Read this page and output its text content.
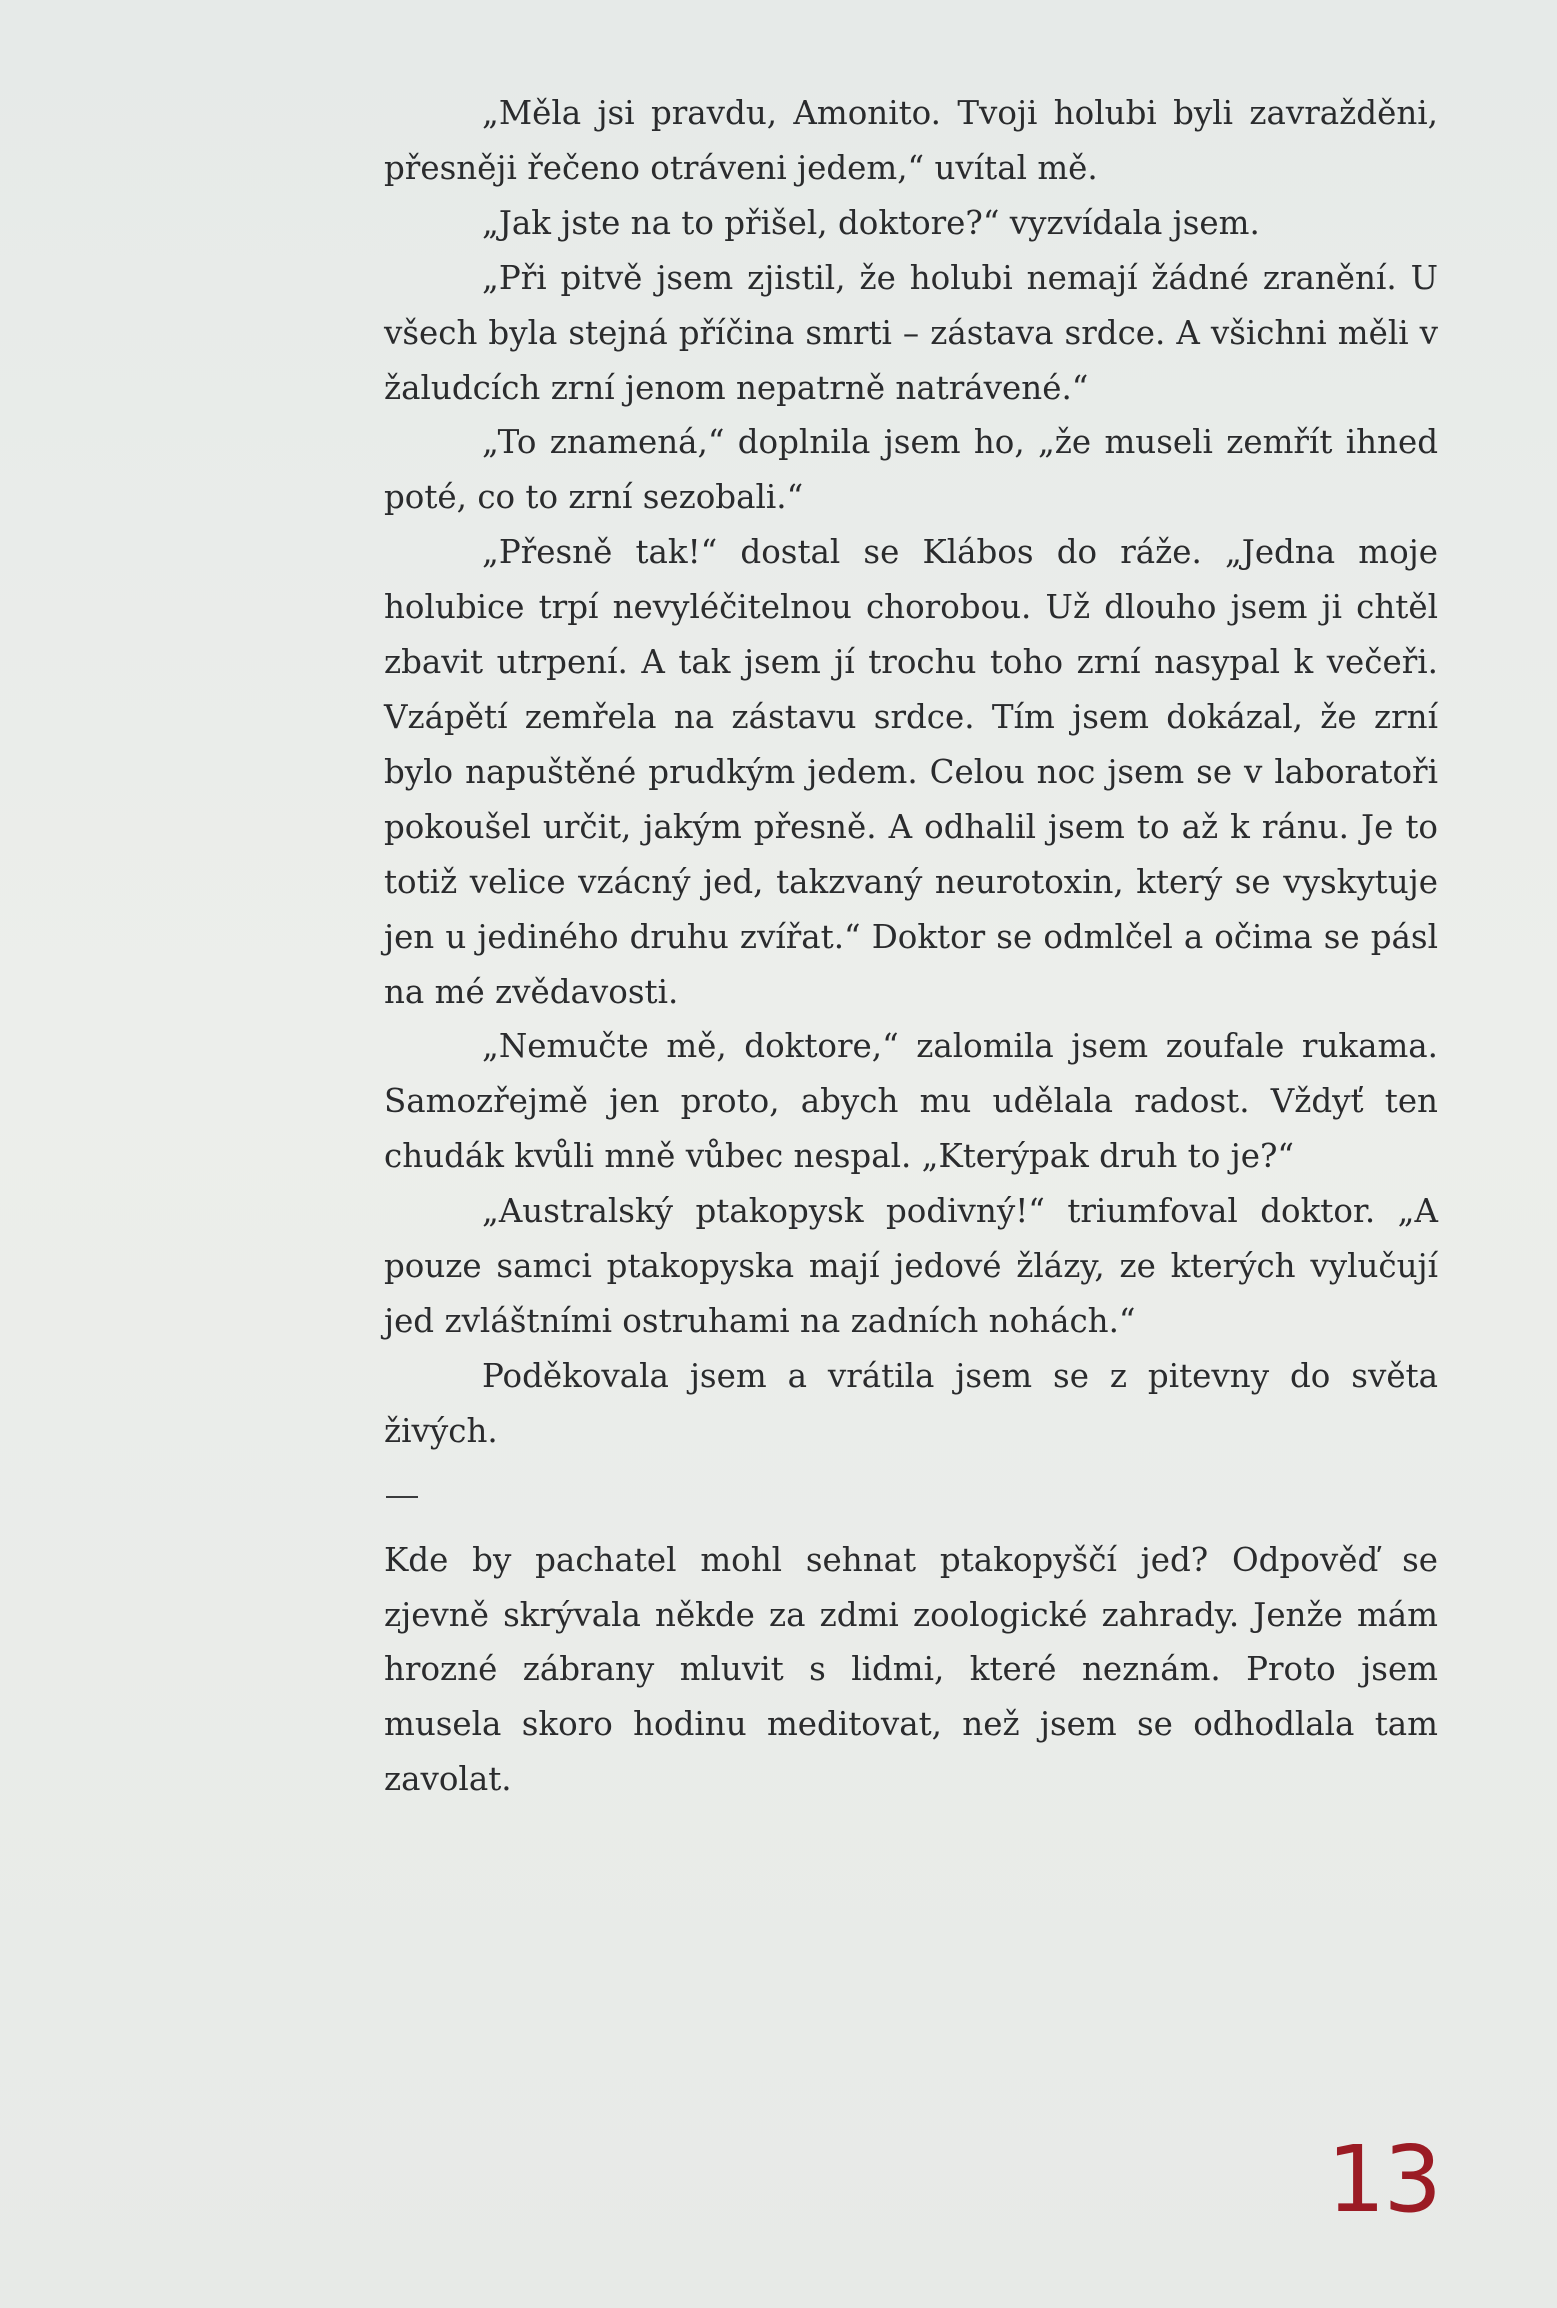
„Měla jsi pravdu, Amonito. Tvoji holubi byli zavražděni, přesněji řečeno otráveni jedem,“ uvítal mě.

„Jak jste na to přišel, doktore?“ vyzvídala jsem.

„Při pitvě jsem zjistil, že holubi nemají žádné zranění. U všech byla stejná příčina smrti – zástava srdce. A všichni měli v žaludcích zrní jenom nepatrně natrávené.“

„To znamená,“ doplnila jsem ho, „že museli zemřít ihned poté, co to zrní sezobali.“

„Přesně tak!“ dostal se Klábos do ráže. „Jedna moje holubice trpí nevyléčitelnou chorobou. Už dlouho jsem ji chtěl zbavit utrpení. A tak jsem jí trochu toho zrní nasypal k večeři. Vzápětí zemřela na zástavu srdce. Tím jsem dokázal, že zrní bylo napuštěné prudkým jedem. Celou noc jsem se v laboratoři pokoušel určit, jakým přesně. A odhalil jsem to až k ránu. Je to totiž velice vzácný jed, takzvaný neurotoxin, který se vyskytuje jen u jediného druhu zvířat.“ Doktor se odmlčel a očima se pásl na mé zvědavosti.

„Nemučte mě, doktore,“ zalomila jsem zoufale rukama. Samozřejmě jen proto, abych mu udělala radost. Vždyť ten chudák kvůli mně vůbec nespal. „Kterýpak druh to je?“

„Australský ptakopysk podivný!“ triumfoval doktor. „A pouze samci ptakopyska mají jedové žlázy, ze kterých vylučují jed zvláštními ostruhami na zadních nohách.“

Poděkovala jsem a vrátila jsem se z pitevny do světa živých.

Kde by pachatel mohl sehnat ptakopyščí jed? Odpověď se zjevně skrývala někde za zdmi zoologické zahrady. Jenže mám hrozné zábrany mluvit s lidmi, které neznám. Proto jsem musela skoro hodinu meditovat, než jsem se odhodlala tam zavolat.

13
